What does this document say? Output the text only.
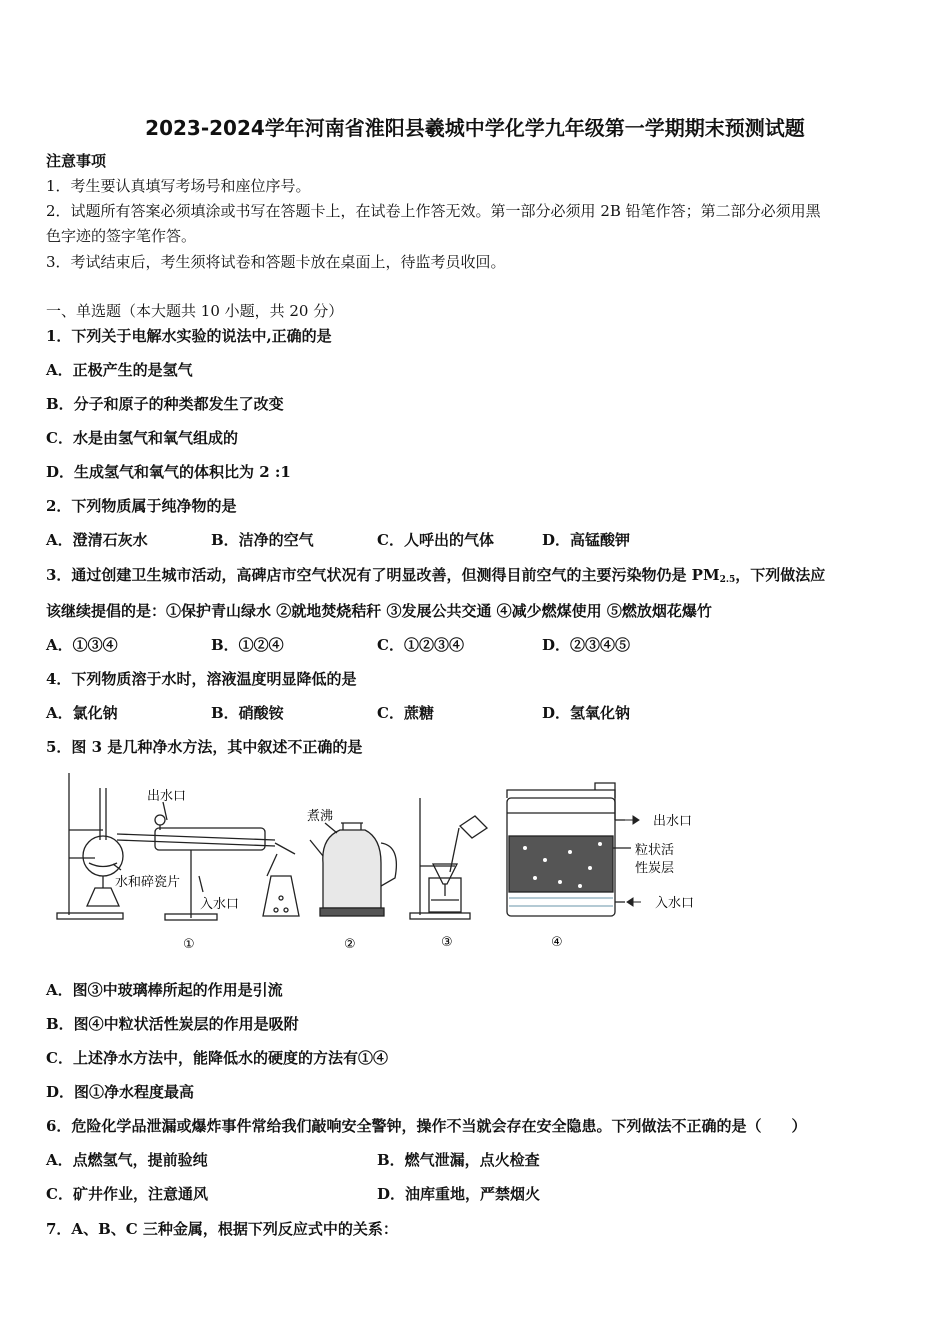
2023-2024学年河南省淮阳县羲城中学化学九年级第一学期期末预测试题
注意事项
1．考生要认真填写考场号和座位序号。
2．试题所有答案必须填涂或书写在答题卡上，在试卷上作答无效。第一部分必须用 2B 铅笔作答；第二部分必须用黑
色字迹的签字笔作答。
3．考试结束后，考生须将试卷和答题卡放在桌面上，待监考员收回。
一、单选题（本大题共 10 小题，共 20 分）
1．下列关于电解水实验的说法中,正确的是
A．正极产生的是氢气
B．分子和原子的种类都发生了改变
C．水是由氢气和氧气组成的
D．生成氢气和氧气的体积比为 2 :1
2．下列物质属于纯净物的是
A．澄清石灰水	B．洁净的空气	C．人呼出的气体	D．高锰酸钾
3．通过创建卫生城市活动，高碑店市空气状况有了明显改善，但测得目前空气的主要污染物仍是 $PM_{2.5}$，下列做法应
该继续提倡的是：①保护青山绿水 ②就地焚烧秸秆 ③发展公共交通 ④减少燃煤使用 ⑤燃放烟花爆竹
A．①③④	B．①②④	C．①②③④	D．②③④⑤
4．下列物质溶于水时，溶液温度明显降低的是
A．氯化钠	B．硝酸铵	C．蔗糖	D．氢氧化钠
5．图 3 是几种净水方法，其中叙述不正确的是
出水口
水和碎瓷片
入水口
煮沸	出水口
粒状活
性炭层
入水口
①	②	③	④
A．图③中玻璃棒所起的作用是引流
B．图④中粒状活性炭层的作用是吸附
C．上述净水方法中，能降低水的硬度的方法有①④
D．图①净水程度最高
6．危险化学品泄漏或爆炸事件常给我们敲响安全警钟，操作不当就会存在安全隐患。下列做法不正确的是（　　）
A．点燃氢气，提前验纯	B．燃气泄漏，点火检查
C．矿井作业，注意通风	D．油库重地，严禁烟火
7．A、B、C 三种金属，根据下列反应式中的关系：
